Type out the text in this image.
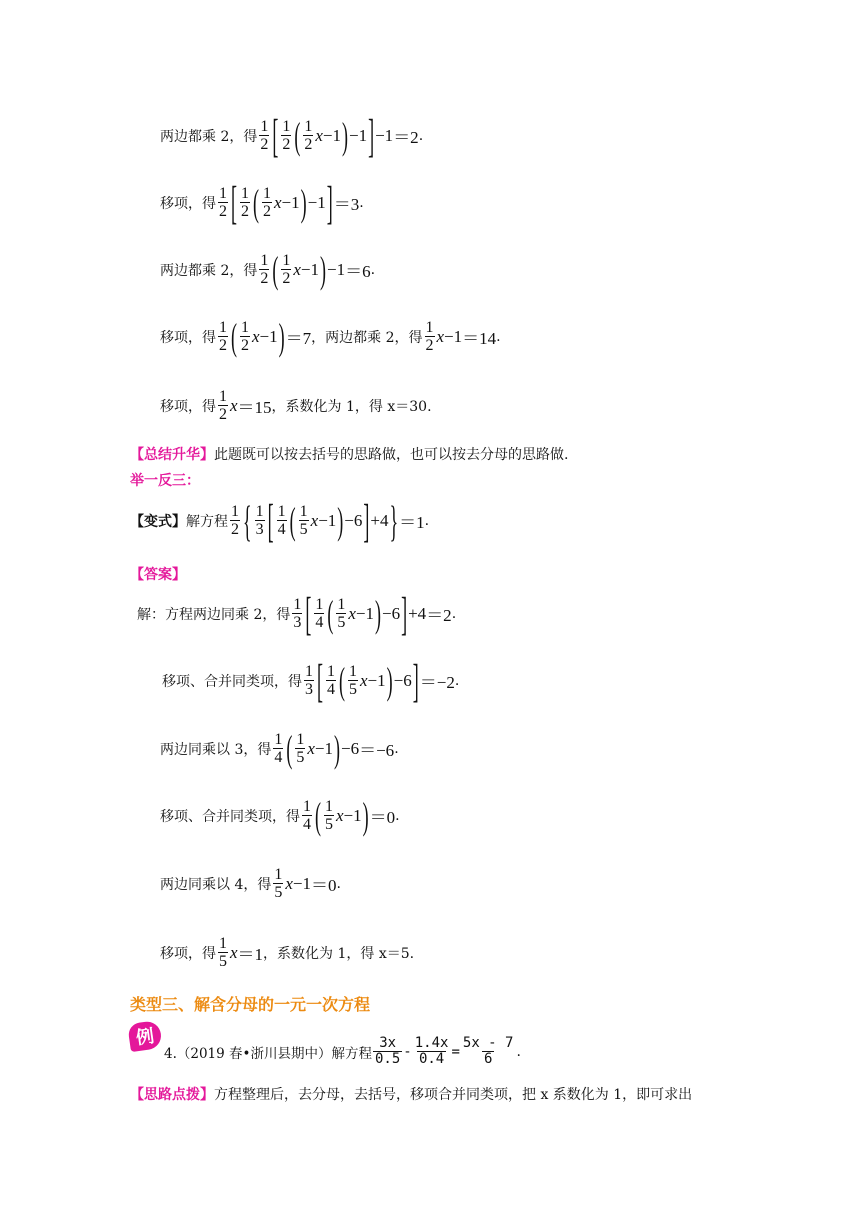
两边都乘 2，得 $\frac{1}{2}$ [ $\frac{1}{2}$ ( $\frac{1}{2}$ x −1 ) −1 ] −1 ＝2 .
移项，得 $\frac{1}{2}$ [ $\frac{1}{2}$ ( $\frac{1}{2}$ x −1 ) −1 ] ＝3 .
两边都乘 2，得 $\frac{1}{2}$ ( $\frac{1}{2}$ x −1 ) −1 ＝6 .
移项，得 $\frac{1}{2}$ ( $\frac{1}{2}$ x −1 ) ＝7 ，两边都乘 2，得 $\frac{1}{2}$ x −1 ＝14 .
移项，得 $\frac{1}{2}$ x ＝15 ，系数化为 1，得 x＝30.
【总结升华】 此题既可以按去括号的思路做，也可以按去分母的思路做.
举一反三：
【变式】 解方程 $\frac{1}{2}$ { $\frac{1}{3}$ [ $\frac{1}{4}$ ( $\frac{1}{5}$ x −1 ) −6 ] +4 } ＝1 .
【答案】
解：方程两边同乘 2，得 $\frac{1}{3}$ [ $\frac{1}{4}$ ( $\frac{1}{5}$ x −1 ) −6 ] +4 ＝2 .
移项、合并同类项，得 $\frac{1}{3}$ [ $\frac{1}{4}$ ( $\frac{1}{5}$ x −1 ) −6 ] ＝−2 .
两边同乘以 3，得 $\frac{1}{4}$ ( $\frac{1}{5}$ x −1 ) −6 ＝−6 .
移项、合并同类项，得 $\frac{1}{4}$ ( $\frac{1}{5}$ x −1 ) ＝0 .
两边同乘以 4，得 $\frac{1}{5}$ x −1 ＝0 .
移项，得 $\frac{1}{5}$ x ＝1 ，系数化为 1，得 x＝5.
类型三、解含分母的一元一次方程
例
4.（2019 春•浙川县期中）解方程 $\frac{3x}{0.5} - \frac{1.4x}{0.4} = \frac{5x - 7}{6}$ .
【思路点拨】 方程整理后，去分母，去括号，移项合并同类项，把 x 系数化为 1，即可求出
